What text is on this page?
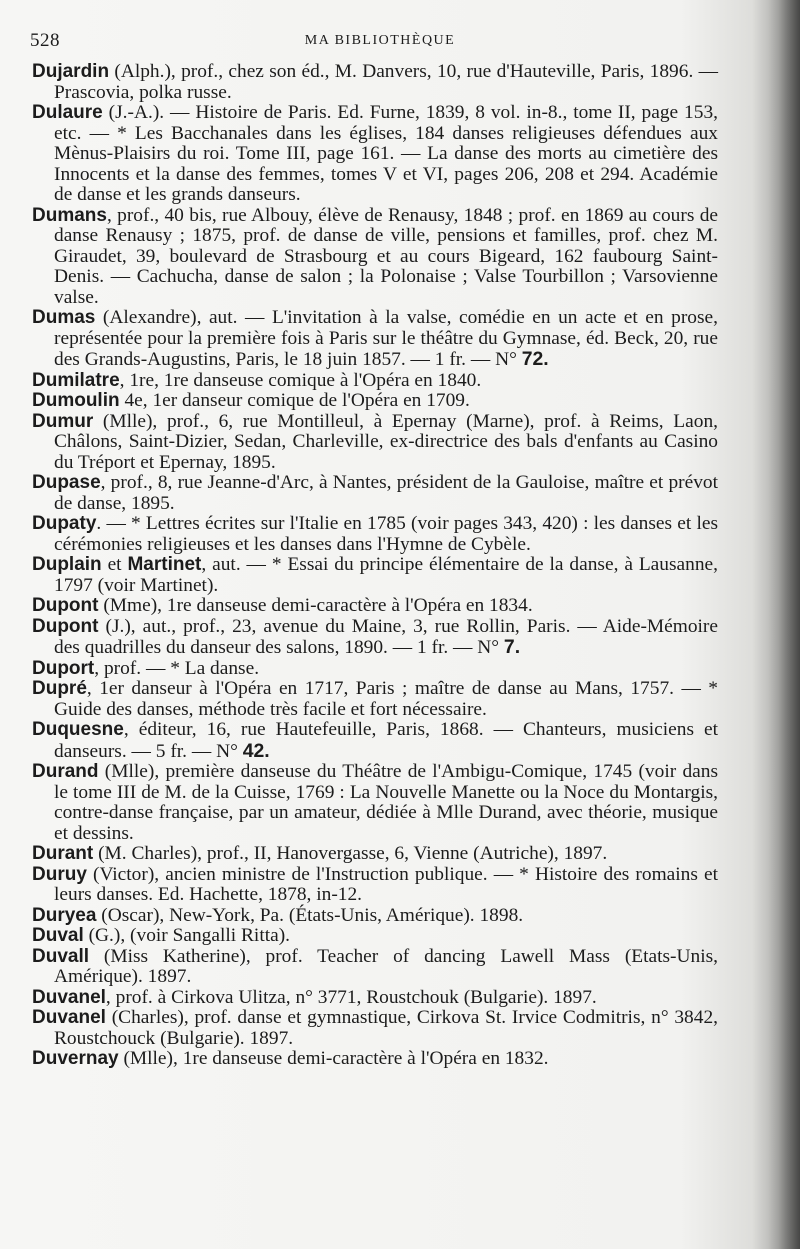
528	MA BIBLIOTHÈQUE

Dujardin (Alph.), prof., chez son éd., M. Danvers, 10, rue d'Hauteville, Paris, 1896. — Prascovia, polka russe.

Dulaure (J.-A.). — Histoire de Paris. Ed. Furne, 1839, 8 vol. in-8., tome II, page 153, etc. — * Les Bacchanales dans les églises, 184 danses religieuses défendues aux Mènus-Plaisirs du roi. Tome III, page 161. — La danse des morts au cimetière des Innocents et la danse des femmes, tomes V et VI, pages 206, 208 et 294. Académie de danse et les grands danseurs.

Dumans, prof., 40 bis, rue Albouy, élève de Renausy, 1848 ; prof. en 1869 au cours de danse Renausy ; 1875, prof. de danse de ville, pensions et familles, prof. chez M. Giraudet, 39, boulevard de Strasbourg et au cours Bigeard, 162 faubourg Saint-Denis. — Cachucha, danse de salon ; la Polonaise ; Valse Tourbillon ; Varsovienne valse.

Dumas (Alexandre), aut. — L'invitation à la valse, comédie en un acte et en prose, représentée pour la première fois à Paris sur le théâtre du Gymnase, éd. Beck, 20, rue des Grands-Augustins, Paris, le 18 juin 1857. — 1 fr. — N° 72.

Dumilatre, 1re, 1re danseuse comique à l'Opéra en 1840.

Dumoulin 4e, 1er danseur comique de l'Opéra en 1709.

Dumur (Mlle), prof., 6, rue Montilleul, à Epernay (Marne), prof. à Reims, Laon, Châlons, Saint-Dizier, Sedan, Charleville, ex-directrice des bals d'enfants au Casino du Tréport et Epernay, 1895.

Dupase, prof., 8, rue Jeanne-d'Arc, à Nantes, président de la Gauloise, maître et prévot de danse, 1895.

Dupaty. — * Lettres écrites sur l'Italie en 1785 (voir pages 343, 420) : les danses et les cérémonies religieuses et les danses dans l'Hymne de Cybèle.

Duplain et Martinet, aut. — * Essai du principe élémentaire de la danse, à Lausanne, 1797 (voir Martinet).

Dupont (Mme), 1re danseuse demi-caractère à l'Opéra en 1834.

Dupont (J.), aut., prof., 23, avenue du Maine, 3, rue Rollin, Paris. — Aide-Mémoire des quadrilles du danseur des salons, 1890. — 1 fr. — N° 7.

Duport, prof. — * La danse.

Dupré, 1er danseur à l'Opéra en 1717, Paris ; maître de danse au Mans, 1757. — * Guide des danses, méthode très facile et fort nécessaire.

Duquesne, éditeur, 16, rue Hautefeuille, Paris, 1868. — Chanteurs, musiciens et danseurs. — 5 fr. — N° 42.

Durand (Mlle), première danseuse du Théâtre de l'Ambigu-Comique, 1745 (voir dans le tome III de M. de la Cuisse, 1769 : La Nouvelle Manette ou la Noce du Montargis, contre-danse française, par un amateur, dédiée à Mlle Durand, avec théorie, musique et dessins.

Durant (M. Charles), prof., II, Hanovergasse, 6, Vienne (Autriche), 1897.

Duruy (Victor), ancien ministre de l'Instruction publique. — * Histoire des romains et leurs danses. Ed. Hachette, 1878, in-12.

Duryea (Oscar), New-York, Pa. (États-Unis, Amérique). 1898.

Duval (G.), (voir Sangalli Ritta).

Duvall (Miss Katherine), prof. Teacher of dancing Lawell Mass (Etats-Unis, Amérique). 1897.

Duvanel, prof. à Cirkova Ulitza, n° 3771, Roustchouk (Bulgarie). 1897.

Duvanel (Charles), prof. danse et gymnastique, Cirkova St. Irvice Codmitris, n° 3842, Roustchouck (Bulgarie). 1897.

Duvernay (Mlle), 1re danseuse demi-caractère à l'Opéra en 1832.
